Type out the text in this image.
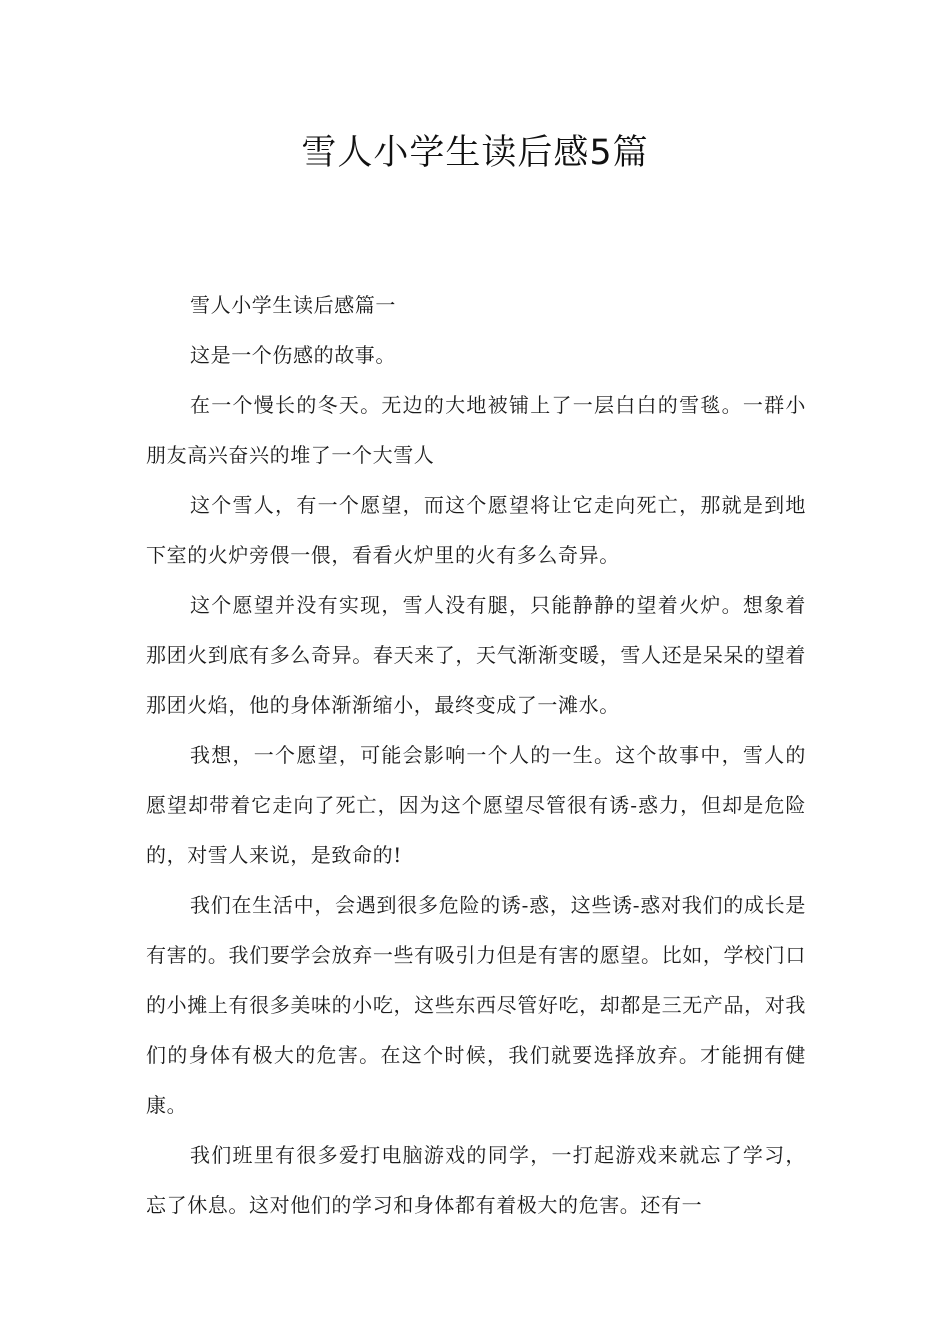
雪人小学生读后感5篇

雪人小学生读后感篇一

这是一个伤感的故事。

在一个慢长的冬天。无边的大地被铺上了一层白白的雪毯。一群小朋友高兴奋兴的堆了一个大雪人

这个雪人，有一个愿望，而这个愿望将让它走向死亡，那就是到地下室的火炉旁偎一偎，看看火炉里的火有多么奇异。

这个愿望并没有实现，雪人没有腿，只能静静的望着火炉。想象着那团火到底有多么奇异。春天来了，天气渐渐变暖，雪人还是呆呆的望着那团火焰，他的身体渐渐缩小，最终变成了一滩水。

我想，一个愿望，可能会影响一个人的一生。这个故事中，雪人的愿望却带着它走向了死亡，因为这个愿望尽管很有诱-惑力，但却是危险的，对雪人来说，是致命的!

我们在生活中，会遇到很多危险的诱-惑，这些诱-惑对我们的成长是有害的。我们要学会放弃一些有吸引力但是有害的愿望。比如，学校门口的小摊上有很多美味的小吃，这些东西尽管好吃，却都是三无产品，对我们的身体有极大的危害。在这个时候，我们就要选择放弃。才能拥有健康。

我们班里有很多爱打电脑游戏的同学，一打起游戏来就忘了学习，忘了休息。这对他们的学习和身体都有着极大的危害。还有一
